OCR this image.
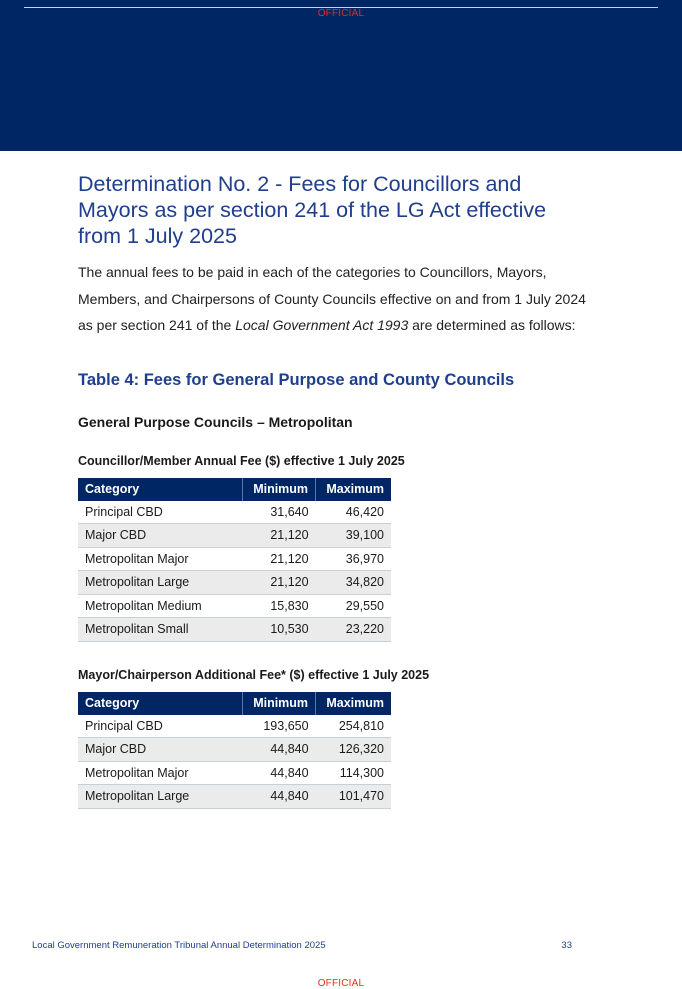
OFFICIAL
Determination No. 2 - Fees for Councillors and
Mayors as per section 241 of the LG Act effective
from 1 July 2025

The annual fees to be paid in each of the categories to Councillors, Mayors, Members, and Chairpersons of County Councils effective on and from 1 July 2024 as per section 241 of the Local Government Act 1993 are determined as follows:

Table 4: Fees for General Purpose and County Councils
General Purpose Councils – Metropolitan
Councillor/Member Annual Fee ($) effective 1 July 2025
Category	Minimum	Maximum
Principal CBD	31,640	46,420
Major CBD	21,120	39,100
Metropolitan Major	21,120	36,970
Metropolitan Large	21,120	34,820
Metropolitan Medium	15,830	29,550
Metropolitan Small	10,530	23,220
Mayor/Chairperson Additional Fee* ($) effective 1 July 2025
Category	Minimum	Maximum
Principal CBD	193,650	254,810
Major CBD	44,840	126,320
Metropolitan Major	44,840	114,300
Metropolitan Large	44,840	101,470
Local Government Remuneration Tribunal Annual Determination 2025	33
OFFICIAL
